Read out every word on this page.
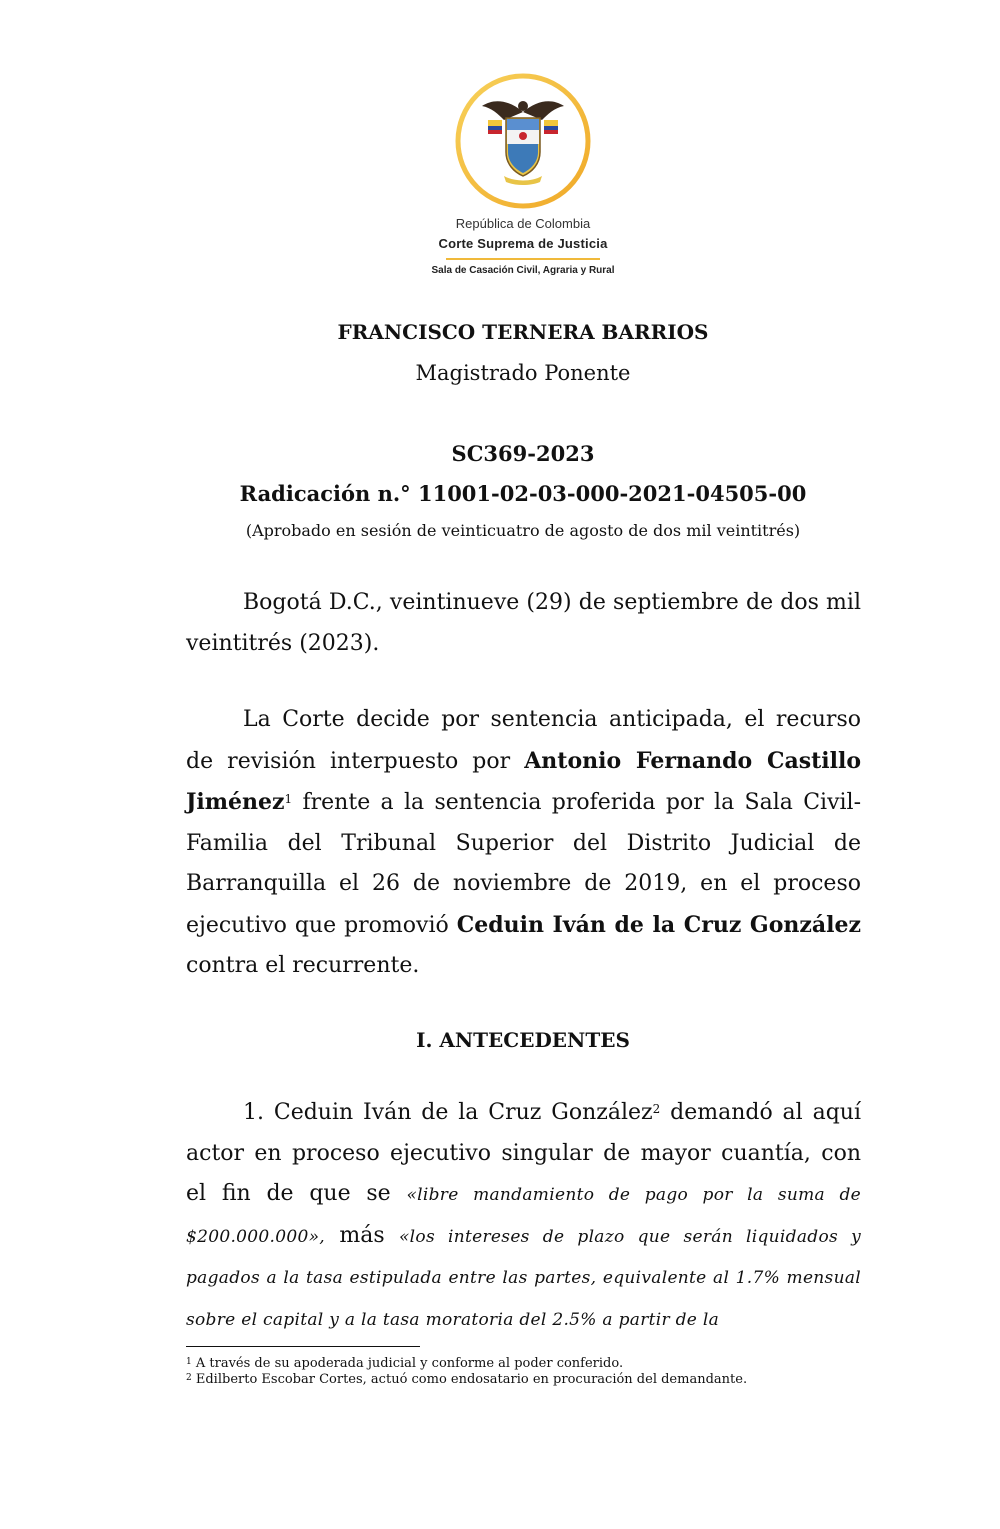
República de Colombia
Corte Suprema de Justicia
Sala de Casación Civil, Agraria y Rural
FRANCISCO TERNERA BARRIOS
Magistrado Ponente
SC369-2023
Radicación n.° 11001-02-03-000-2021-04505-00
(Aprobado en sesión de veinticuatro de agosto de dos mil veintitrés)

Bogotá D.C., veintinueve (29) de septiembre de dos mil veintitrés (2023).

La Corte decide por sentencia anticipada, el recurso de revisión interpuesto por Antonio Fernando Castillo Jiménez$^1$ frente a la sentencia proferida por la Sala Civil-Familia del Tribunal Superior del Distrito Judicial de Barranquilla el 26 de noviembre de 2019, en el proceso ejecutivo que promovió Ceduin Iván de la Cruz González contra el recurrente.

I. ANTECEDENTES

1. Ceduin Iván de la Cruz González$^2$ demandó al aquí actor en proceso ejecutivo singular de mayor cuantía, con el fin de que se «libre mandamiento de pago por la suma de $200.000.000», más «los intereses de plazo que serán liquidados y pagados a la tasa estipulada entre las partes, equivalente al 1.7% mensual sobre el capital y a la tasa moratoria del 2.5% a partir de la

$^1$ A través de su apoderada judicial y conforme al poder conferido.
$^2$ Edilberto Escobar Cortes, actuó como endosatario en procuración del demandante.
